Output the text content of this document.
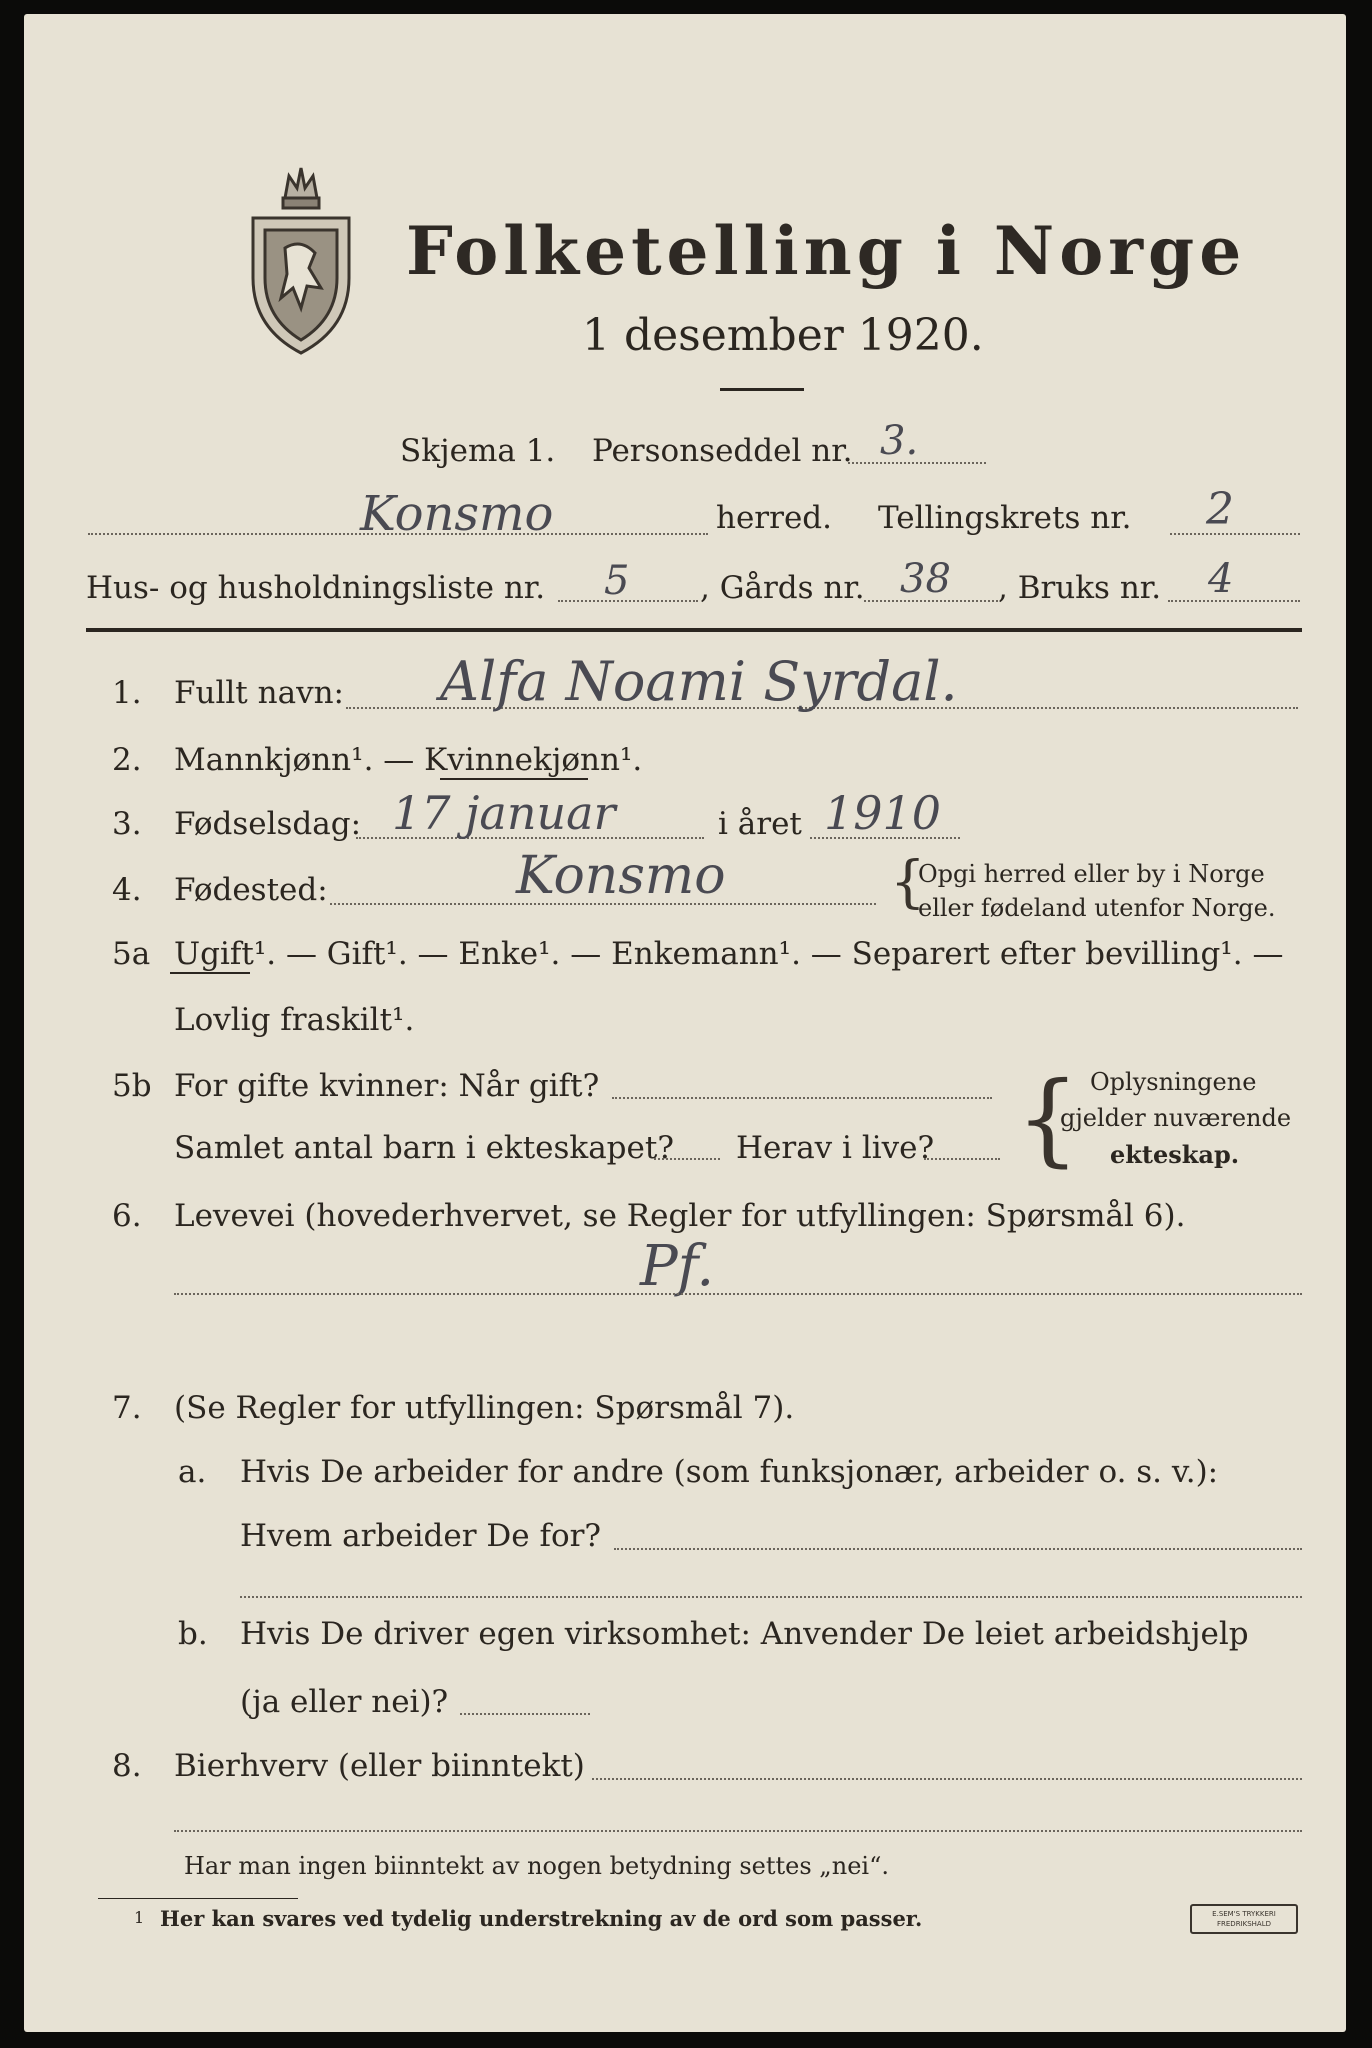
Folketelling i Norge
1 desember 1920.
Skjema 1. Personseddel nr. 3.
Konsmo	herred. Tellingskrets nr. 2
Hus- og husholdningsliste nr. 5 , Gårds nr. 38 , Bruks nr. 4
1. Fullt navn: Alfa Noami Syrdal.
2. Mannkjønn¹. — Kvinnekjønn¹.
3. Fødselsdag: 17 januar	i året 1910
4. Fødested:	Konsmo	{
Opgi herred eller by i Norge
eller fødeland utenfor Norge.
5a Ugift¹. — Gift¹. — Enke¹. — Enkemann¹. — Separert efter bevilling¹. —
Lovlig fraskilt¹.
5b For gifte kvinner: Når gift?
Samlet antal barn i ekteskapet? Herav i live? { Oplysningene
gjelder nuværende
ekteskap.
6. Levevei (hovederhvervet, se Regler for utfyllingen: Spørsmål 6).
Pf.
7. (Se Regler for utfyllingen: Spørsmål 7).
a. Hvis De arbeider for andre (som funksjonær, arbeider o. s. v.):
Hvem arbeider De for?
b. Hvis De driver egen virksomhet: Anvender De leiet arbeidshjelp
(ja eller nei)?
8. Bierhverv (eller biinntekt)
Har man ingen biinntekt av nogen betydning settes „nei“.
1 Her kan svares ved tydelig understrekning av de ord som passer.	E.SEM'S TRYKKERI FREDRIKSHALD
